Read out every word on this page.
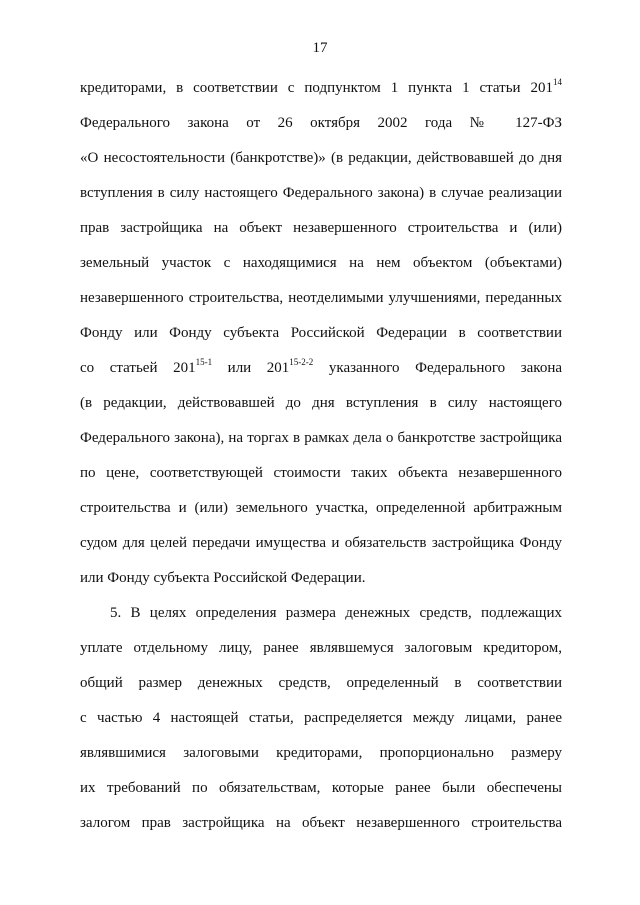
17
кредиторами, в соответствии с подпунктом 1 пункта 1 статьи $201^{14}$
Федерального закона от 26 октября 2002 года № 127-ФЗ
«О несостоятельности (банкротстве)» (в редакции, действовавшей до дня
вступления в силу настоящего Федерального закона) в случае реализации
прав застройщика на объект незавершенного строительства и (или)
земельный участок с находящимися на нем объектом (объектами)
незавершенного строительства, неотделимыми улучшениями, переданных
Фонду или Фонду субъекта Российской Федерации в соответствии
со статьей 201$^{15-1}$ или 201$^{15-2-2}$ указанного Федерального закона
(в редакции, действовавшей до дня вступления в силу настоящего
Федерального закона), на торгах в рамках дела о банкротстве застройщика
по цене, соответствующей стоимости таких объекта незавершенного
строительства и (или) земельного участка, определенной арбитражным
судом для целей передачи имущества и обязательств застройщика Фонду
или Фонду субъекта Российской Федерации.
5. В целях определения размера денежных средств, подлежащих
уплате отдельному лицу, ранее являвшемуся залоговым кредитором,
общий размер денежных средств, определенный в соответствии
с частью 4 настоящей статьи, распределяется между лицами, ранее
являвшимися залоговыми кредиторами, пропорционально размеру
их требований по обязательствам, которые ранее были обеспечены
залогом прав застройщика на объект незавершенного строительства
